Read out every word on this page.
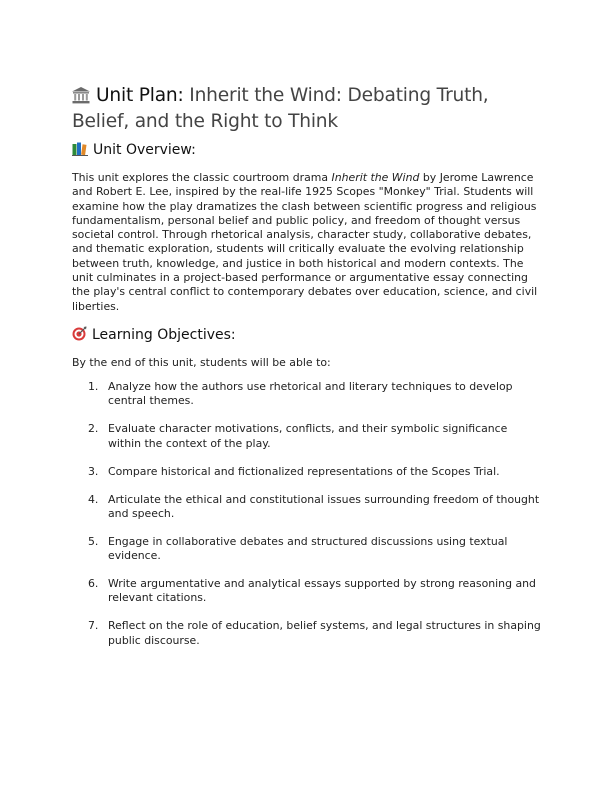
Unit Plan: Inherit the Wind: Debating Truth, Belief, and the Right to Think
Unit Overview:
This unit explores the classic courtroom drama Inherit the Wind by Jerome Lawrence and Robert E. Lee, inspired by the real-life 1925 Scopes "Monkey" Trial. Students will examine how the play dramatizes the clash between scientific progress and religious fundamentalism, personal belief and public policy, and freedom of thought versus societal control. Through rhetorical analysis, character study, collaborative debates, and thematic exploration, students will critically evaluate the evolving relationship between truth, knowledge, and justice in both historical and modern contexts. The unit culminates in a project-based performance or argumentative essay connecting the play's central conflict to contemporary debates over education, science, and civil liberties.
Learning Objectives:
By the end of this unit, students will be able to:
1. Analyze how the authors use rhetorical and literary techniques to develop central themes.
2. Evaluate character motivations, conflicts, and their symbolic significance within the context of the play.
3. Compare historical and fictionalized representations of the Scopes Trial.
4. Articulate the ethical and constitutional issues surrounding freedom of thought and speech.
5. Engage in collaborative debates and structured discussions using textual evidence.
6. Write argumentative and analytical essays supported by strong reasoning and relevant citations.
7. Reflect on the role of education, belief systems, and legal structures in shaping public discourse.
